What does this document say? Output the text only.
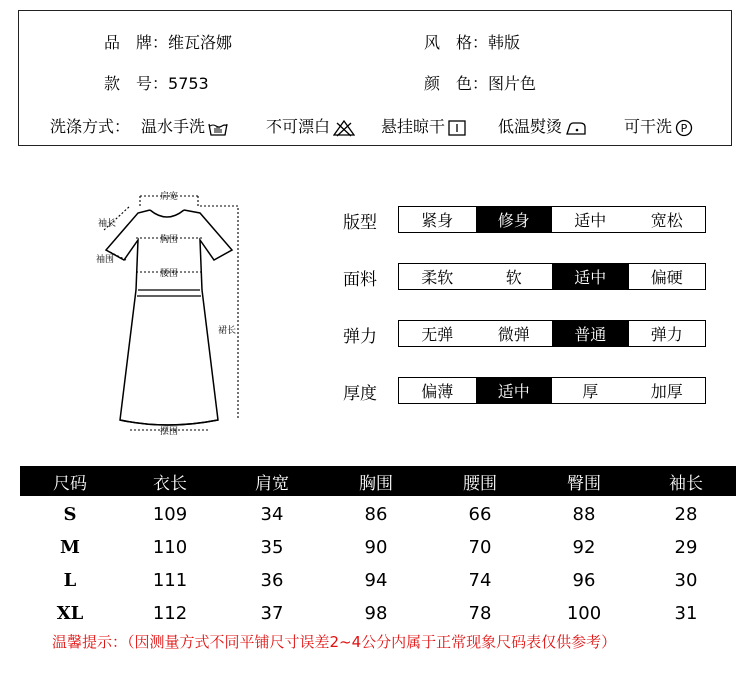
品　牌：维瓦洛娜	风　格：韩版
款　号：5753	颜　色：图片色
洗涤方式： 温水手洗	不可漂白	悬挂晾干	低温熨烫	可干洗 P
肩宽
袖长
袖围
胸围
腰围
裙长
摆围
版型	紧身	修身	适中	宽松
面料	柔软	软	适中	偏硬
弹力	无弹	微弹	普通	弹力
厚度	偏薄	适中	厚	加厚
尺码	衣长	肩宽	胸围	腰围	臀围	袖长
S	109	34	86	66	88	28
M	110	35	90	70	92	29
L	111	36	94	74	96	30
XL	112	37	98	78	100	31
温馨提示：（因测量方式不同平铺尺寸误差2~4公分内属于正常现象尺码表仅供参考）
